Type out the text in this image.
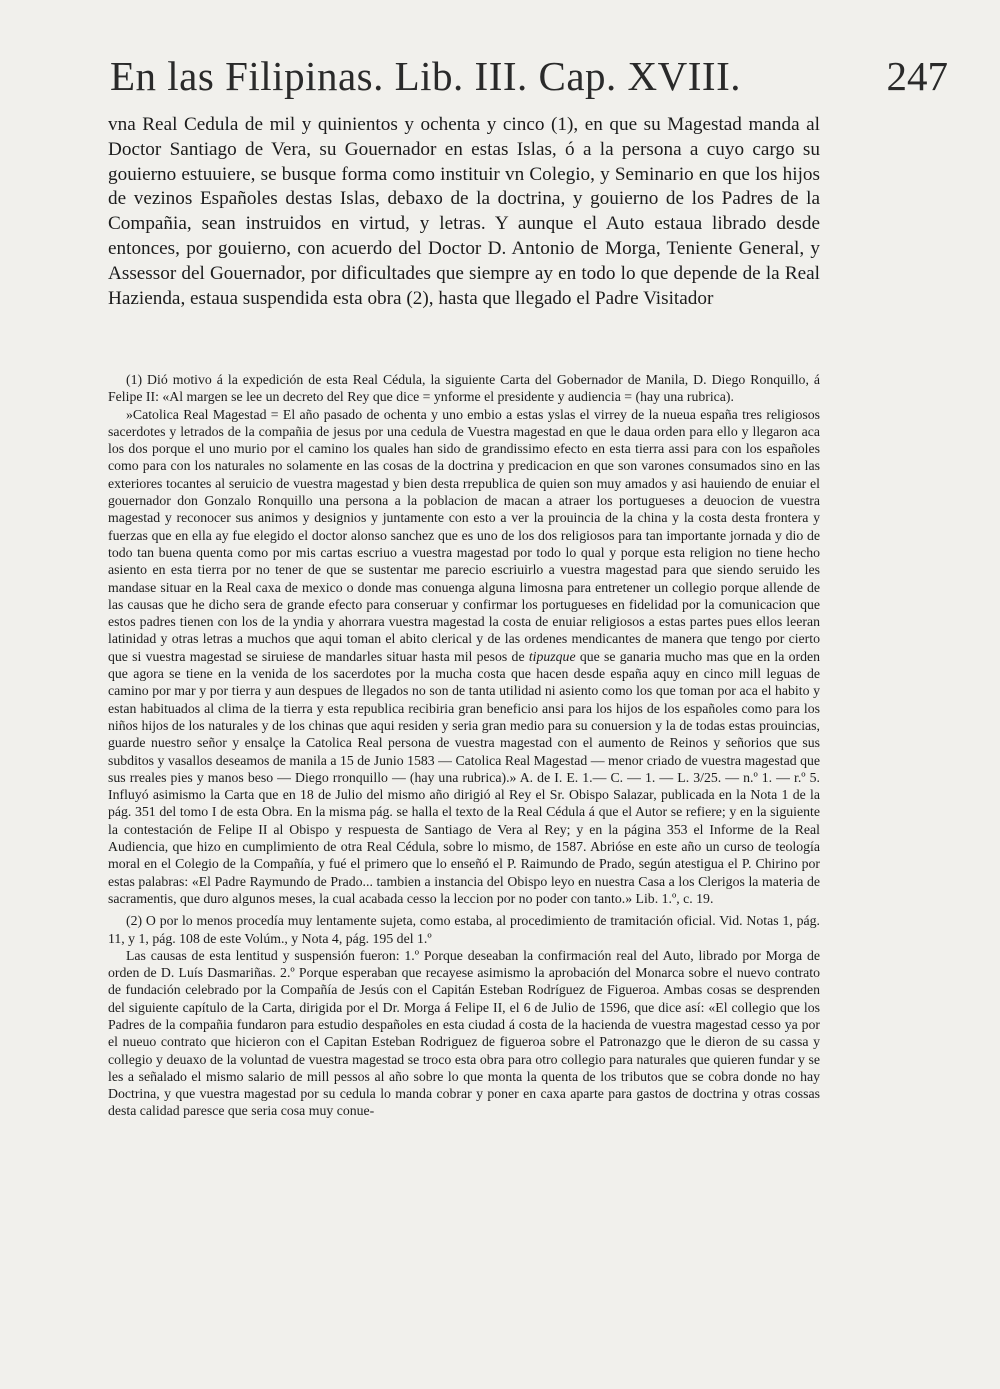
En las Filipinas. Lib. III. Cap. XVIII.	247

vna Real Cedula de mil y quinientos y ochenta y cinco (1), en que su Magestad manda al Doctor Santiago de Vera, su Gouernador en estas Islas, ó a la persona a cuyo cargo su gouierno estuuiere, se busque forma como instituir vn Colegio, y Seminario en que los hijos de vezinos Españoles destas Islas, debaxo de la doctrina, y gouierno de los Padres de la Compañia, sean instruidos en virtud, y letras. Y aunque el Auto estaua librado desde entonces, por gouierno, con acuerdo del Doctor D. Antonio de Morga, Teniente General, y Assessor del Gouernador, por dificultades que siempre ay en todo lo que depende de la Real Hazienda, estaua suspendida esta obra (2), hasta que llegado el Padre Visitador

(1) Dió motivo á la expedición de esta Real Cédula, la siguiente Carta del Gobernador de Manila, D. Diego Ronquillo, á Felipe II: «Al margen se lee un decreto del Rey que dice = ynforme el presidente y audiencia = (hay una rubrica).

»Catolica Real Magestad = El año pasado de ochenta y uno embio a estas yslas el virrey de la nueua españa tres religiosos sacerdotes y letrados de la compañia de jesus por una cedula de Vuestra magestad en que le daua orden para ello y llegaron aca los dos porque el uno murio por el camino los quales han sido de grandissimo efecto en esta tierra assi para con los españoles como para con los naturales no solamente en las cosas de la doctrina y predicacion en que son varones consumados sino en las exteriores tocantes al seruicio de vuestra magestad y bien desta rrepublica de quien son muy amados y asi hauiendo de enuiar el gouernador don Gonzalo Ronquillo una persona a la poblacion de macan a atraer los portugueses a deuocion de vuestra magestad y reconocer sus animos y designios y juntamente con esto a ver la prouincia de la china y la costa desta frontera y fuerzas que en ella ay fue elegido el doctor alonso sanchez que es uno de los dos religiosos para tan importante jornada y dio de todo tan buena quenta como por mis cartas escriuo a vuestra magestad por todo lo qual y porque esta religion no tiene hecho asiento en esta tierra por no tener de que se sustentar me parecio escriuirlo a vuestra magestad para que siendo seruido les mandase situar en la Real caxa de mexico o donde mas conuenga alguna limosna para entretener un collegio porque allende de las causas que he dicho sera de grande efecto para conseruar y confirmar los portugueses en fidelidad por la comunicacion que estos padres tienen con los de la yndia y ahorrara vuestra magestad la costa de enuiar religiosos a estas partes pues ellos leeran latinidad y otras letras a muchos que aqui toman el abito clerical y de las ordenes mendicantes de manera que tengo por cierto que si vuestra magestad se siruiese de mandarles situar hasta mil pesos de tipuzque que se ganaria mucho mas que en la orden que agora se tiene en la venida de los sacerdotes por la mucha costa que hacen desde españa aquy en cinco mill leguas de camino por mar y por tierra y aun despues de llegados no son de tanta utilidad ni asiento como los que toman por aca el habito y estan habituados al clima de la tierra y esta republica recibiria gran beneficio ansi para los hijos de los españoles como para los niños hijos de los naturales y de los chinas que aqui residen y seria gran medio para su conuersion y la de todas estas prouincias, guarde nuestro señor y ensalçe la Catolica Real persona de vuestra magestad con el aumento de Reinos y señorios que sus subditos y vasallos deseamos de manila a 15 de Junio 1583 — Catolica Real Magestad — menor criado de vuestra magestad que sus rreales pies y manos beso — Diego rronquillo — (hay una rubrica).» A. de I. E. 1.— C. — 1. — L. 3/25. — n.º 1. — r.º 5. Influyó asimismo la Carta que en 18 de Julio del mismo año dirigió al Rey el Sr. Obispo Salazar, publicada en la Nota 1 de la pág. 351 del tomo I de esta Obra. En la misma pág. se halla el texto de la Real Cédula á que el Autor se refiere; y en la siguiente la contestación de Felipe II al Obispo y respuesta de Santiago de Vera al Rey; y en la página 353 el Informe de la Real Audiencia, que hizo en cumplimiento de otra Real Cédula, sobre lo mismo, de 1587. Abrióse en este año un curso de teología moral en el Colegio de la Compañía, y fué el primero que lo enseñó el P. Raimundo de Prado, según atestigua el P. Chirino por estas palabras: «El Padre Raymundo de Prado... tambien a instancia del Obispo leyo en nuestra Casa a los Clerigos la materia de sacramentis, que duro algunos meses, la cual acabada cesso la leccion por no poder con tanto.» Lib. 1.º, c. 19.

(2) O por lo menos procedía muy lentamente sujeta, como estaba, al procedimiento de tramitación oficial. Vid. Notas 1, pág. 11, y 1, pág. 108 de este Volúm., y Nota 4, pág. 195 del 1.º

Las causas de esta lentitud y suspensión fueron: 1.º Porque deseaban la confirmación real del Auto, librado por Morga de orden de D. Luís Dasmariñas. 2.º Porque esperaban que recayese asimismo la aprobación del Monarca sobre el nuevo contrato de fundación celebrado por la Compañía de Jesús con el Capitán Esteban Rodríguez de Figueroa. Ambas cosas se desprenden del siguiente capítulo de la Carta, dirigida por el Dr. Morga á Felipe II, el 6 de Julio de 1596, que dice así: «El collegio que los Padres de la compañia fundaron para estudio despañoles en esta ciudad á costa de la hacienda de vuestra magestad cesso ya por el nueuo contrato que hicieron con el Capitan Esteban Rodriguez de figueroa sobre el Patronazgo que le dieron de su cassa y collegio y deuaxo de la voluntad de vuestra magestad se troco esta obra para otro collegio para naturales que quieren fundar y se les a señalado el mismo salario de mill pessos al año sobre lo que monta la quenta de los tributos que se cobra donde no hay Doctrina, y que vuestra magestad por su cedula lo manda cobrar y poner en caxa aparte para gastos de doctrina y otras cossas desta calidad paresce que seria cosa muy conue-
